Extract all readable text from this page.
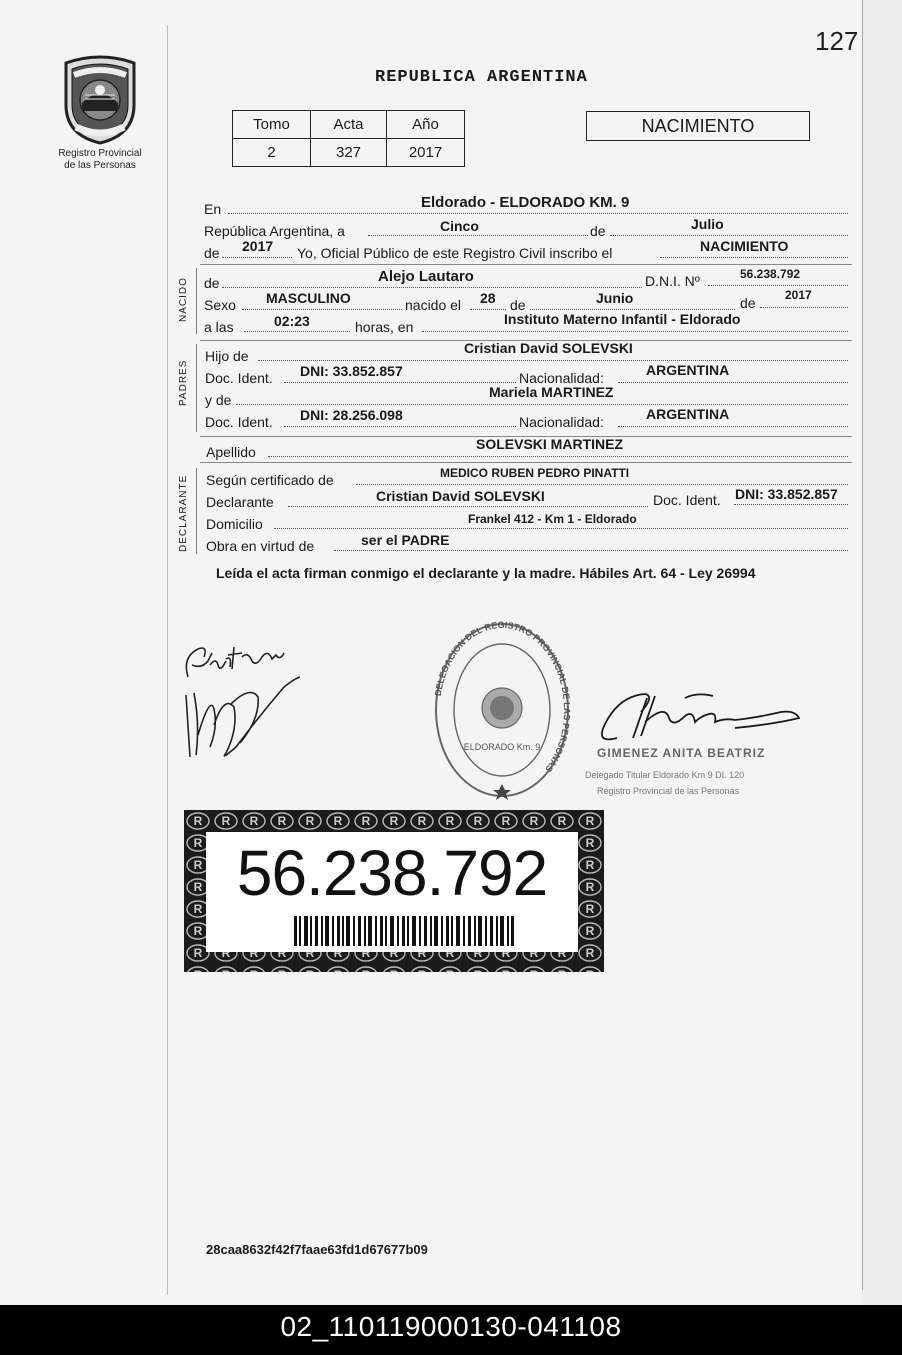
127
Registro Provincial
de las Personas
REPUBLICA ARGENTINA
Tomo	Acta	Año
2	327	2017
NACIMIENTO
En	Eldorado - ELDORADO KM. 9
República Argentina, a	Cinco	de	Julio
de 2017 Yo, Oficial Público de este Registro Civil inscribo el	NACIMIENTO
NACIDO de	Alejo Lautaro	D.N.I. Nº	56.238.792
Sexo MASCULINO	nacido el 28 de	Junio	de 2017
a las	02:23	horas, en	Instituto Materno Infantil - Eldorado
PADRES
Hijo de	Cristian David SOLEVSKI
Doc. Ident. DNI: 33.852.857	Nacionalidad:	ARGENTINA
y de	Mariela MARTINEZ
Doc. Ident. DNI: 28.256.098	Nacionalidad:	ARGENTINA
Apellido	SOLEVSKI MARTINEZ
DECLARANTE Según certificado de	MEDICO RUBEN PEDRO PINATTI
Declarante	Cristian David SOLEVSKI	Doc. Ident. DNI: 33.852.857
Domicilio	Frankel 412 - Km 1 - Eldorado
Obra en virtud de	ser el PADRE
Leída el acta firman conmigo el declarante y la madre. Hábiles Art. 64 - Ley 26994
DELEGACION DEL REGISTRO PROVINCIAL DE LAS PERSONAS
ELDORADO Km. 9	GIMENEZ ANITA BEATRIZ
Delegado Titular Eldorado Km 9 DI. 120
Registro Provincial de las Personas
56.238.792
28caa8632f42f7faae63fd1d67677b09
02_110119000130-041108
